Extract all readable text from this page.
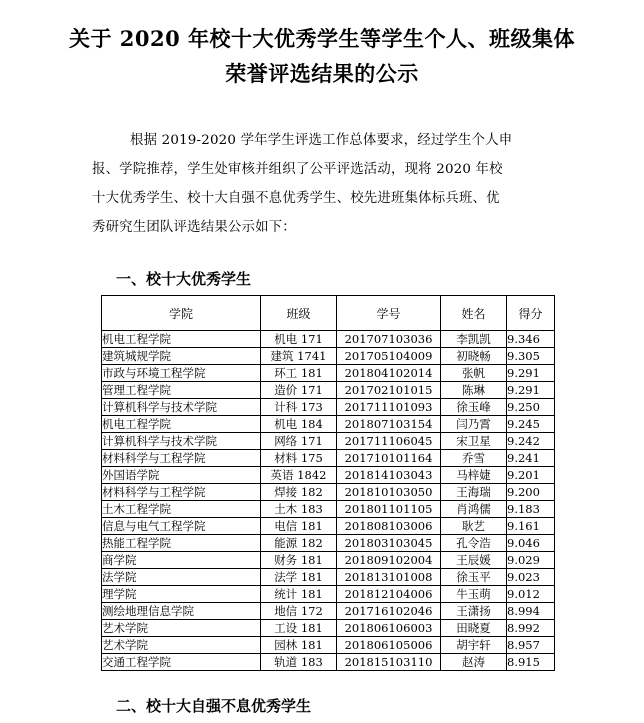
关于 2020 年校十大优秀学生等学生个人、班级集体
荣誉评选结果的公示
根据 2019-2020 学年学生评选工作总体要求，经过学生个人申
报、学院推荐，学生处审核并组织了公平评选活动，现将 2020 年校
十大优秀学生、校十大自强不息优秀学生、校先进班集体标兵班、优
秀研究生团队评选结果公示如下：
一、校十大优秀学生
学院	班级	学号	姓名	得分
机电工程学院	机电 171	201707103036	李凯凯	9.346
建筑城规学院	建筑 1741	201705104009	初晓畅	9.305
市政与环境工程学院	环工 181	201804102014	张帆	9.291
管理工程学院	造价 171	201702101015	陈琳	9.291
计算机科学与技术学院	计科 173	201711101093	徐玉峰	9.250
机电工程学院	机电 184	201807103154	闫乃霄	9.245
计算机科学与技术学院	网络 171	201711106045	宋卫星	9.242
材料科学与工程学院	材料 175	201710101164	乔雪	9.241
外国语学院	英语 1842	201814103043	马梓婕	9.201
材料科学与工程学院	焊接 182	201810103050	王海瑞	9.200
土木工程学院	土木 183	201801101105	肖鸿儒	9.183
信息与电气工程学院	电信 181	201808103006	耿艺	9.161
热能工程学院	能源 182	201803103045	孔令浩	9.046
商学院	财务 181	201809102004	王辰媛	9.029
法学院	法学 181	201813101008	徐玉平	9.023
理学院	统计 181	201812104006	牛玉萌	9.012
测绘地理信息学院	地信 172	201716102046	王潇扬	8.994
艺术学院	工设 181	201806106003	田晓夏	8.992
艺术学院	园林 181	201806105006	胡宇轩	8.957
交通工程学院	轨道 183	201815103110	赵涛	8.915
二、校十大自强不息优秀学生
